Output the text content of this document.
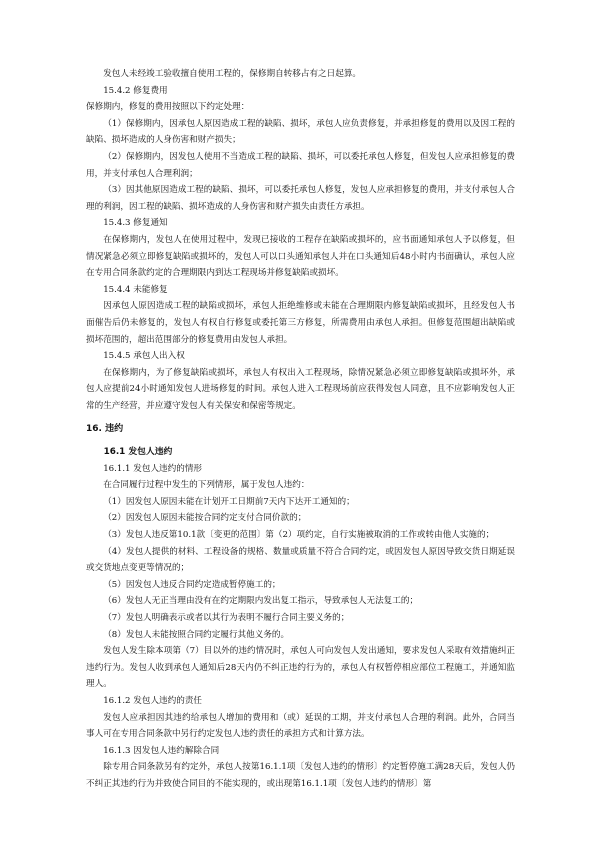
发包人未经竣工验收擅自使用工程的，保修期自转移占有之日起算。

15.4.2 修复费用

保修期内，修复的费用按照以下约定处理：

（1）保修期内，因承包人原因造成工程的缺陷、损坏，承包人应负责修复，并承担修复的费用以及因工程的缺陷、损坏造成的人身伤害和财产损失；

（2）保修期内，因发包人使用不当造成工程的缺陷、损坏，可以委托承包人修复，但发包人应承担修复的费用，并支付承包人合理利润；

（3）因其他原因造成工程的缺陷、损坏，可以委托承包人修复，发包人应承担修复的费用，并支付承包人合理的利润，因工程的缺陷、损坏造成的人身伤害和财产损失由责任方承担。

15.4.3 修复通知

在保修期内，发包人在使用过程中，发现已接收的工程存在缺陷或损坏的，应书面通知承包人予以修复，但情况紧急必须立即修复缺陷或损坏的，发包人可以口头通知承包人并在口头通知后48小时内书面确认，承包人应在专用合同条款约定的合理期限内到达工程现场并修复缺陷或损坏。

15.4.4 未能修复

因承包人原因造成工程的缺陷或损坏，承包人拒绝维修或未能在合理期限内修复缺陷或损坏，且经发包人书面催告后仍未修复的，发包人有权自行修复或委托第三方修复，所需费用由承包人承担。但修复范围超出缺陷或损坏范围的，超出范围部分的修复费用由发包人承担。

15.4.5 承包人出入权

在保修期内，为了修复缺陷或损坏，承包人有权出入工程现场，除情况紧急必须立即修复缺陷或损坏外，承包人应提前24小时通知发包人进场修复的时间。承包人进入工程现场前应获得发包人同意，且不应影响发包人正常的生产经营，并应遵守发包人有关保安和保密等规定。

16. 违约

16.1 发包人违约

16.1.1 发包人违约的情形

在合同履行过程中发生的下列情形，属于发包人违约：

（1）因发包人原因未能在计划开工日期前7天内下达开工通知的；

（2）因发包人原因未能按合同约定支付合同价款的；

（3）发包人违反第10.1款〔变更的范围〕第（2）项约定，自行实施被取消的工作或转由他人实施的；

（4）发包人提供的材料、工程设备的规格、数量或质量不符合合同约定，或因发包人原因导致交货日期延误或交货地点变更等情况的；

（5）因发包人违反合同约定造成暂停施工的；

（6）发包人无正当理由没有在约定期限内发出复工指示，导致承包人无法复工的；

（7）发包人明确表示或者以其行为表明不履行合同主要义务的；

（8）发包人未能按照合同约定履行其他义务的。

发包人发生除本项第（7）目以外的违约情况时，承包人可向发包人发出通知，要求发包人采取有效措施纠正违约行为。发包人收到承包人通知后28天内仍不纠正违约行为的，承包人有权暂停相应部位工程施工，并通知监理人。

16.1.2 发包人违约的责任

发包人应承担因其违约给承包人增加的费用和（或）延误的工期，并支付承包人合理的利润。此外，合同当事人可在专用合同条款中另行约定发包人违约责任的承担方式和计算方法。

16.1.3 因发包人违约解除合同

除专用合同条款另有约定外，承包人按第16.1.1项〔发包人违约的情形〕约定暂停施工满28天后，发包人仍不纠正其违约行为并致使合同目的不能实现的，或出现第16.1.1项〔发包人违约的情形〕第
